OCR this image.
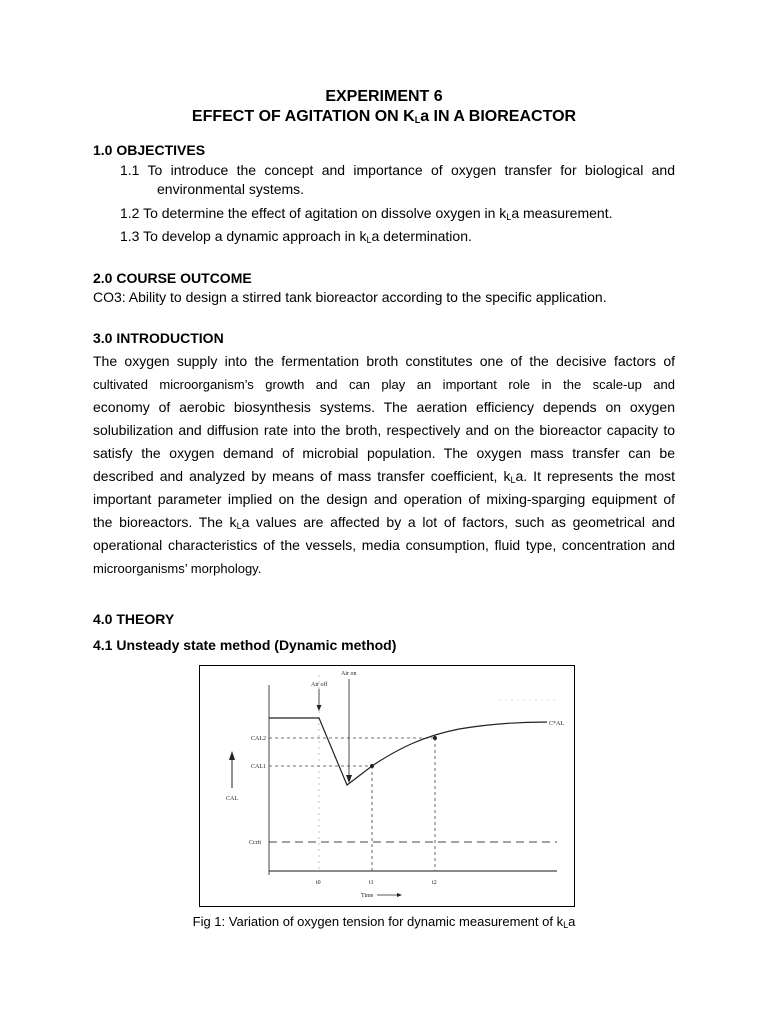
EXPERIMENT 6
EFFECT OF AGITATION ON $K_La$ IN A BIOREACTOR
1.0 OBJECTIVES

1.1 To introduce the concept and importance of oxygen transfer for biological and

environmental systems.
1.2 To determine the effect of agitation on dissolve oxygen in $k_La$ measurement.
1.3 To develop a dynamic approach in $k_La$ determination.
2.0 COURSE OUTCOME
CO3: Ability to design a stirred tank bioreactor according to the specific application.
3.0 INTRODUCTION

The oxygen supply into the fermentation broth constitutes one of the decisive factors of

cultivated microorganism’s growth and can play an important role in the scale-up and

economy of aerobic biosynthesis systems. The aeration efficiency depends on oxygen

solubilization and diffusion rate into the broth, respectively and on the bioreactor capacity to

satisfy the oxygen demand of microbial population. The oxygen mass transfer can be

described and analyzed by means of mass transfer coefficient, $k_La$. It represents the most

important parameter implied on the design and operation of mixing-sparging equipment of

the bioreactors. The $k_La$ values are affected by a lot of factors, such as geometrical and

operational characteristics of the vessels, media consumption, fluid type, concentration and

microorganisms’ morphology.

4.0 THEORY
4.1 Unsteady state method (Dynamic method)
Air off
Air on
C*AL
CAL2
CAL1
CAL
Ccrit
t0	t1	t2
Time
Fig 1: Variation of oxygen tension for dynamic measurement of $k_La$
